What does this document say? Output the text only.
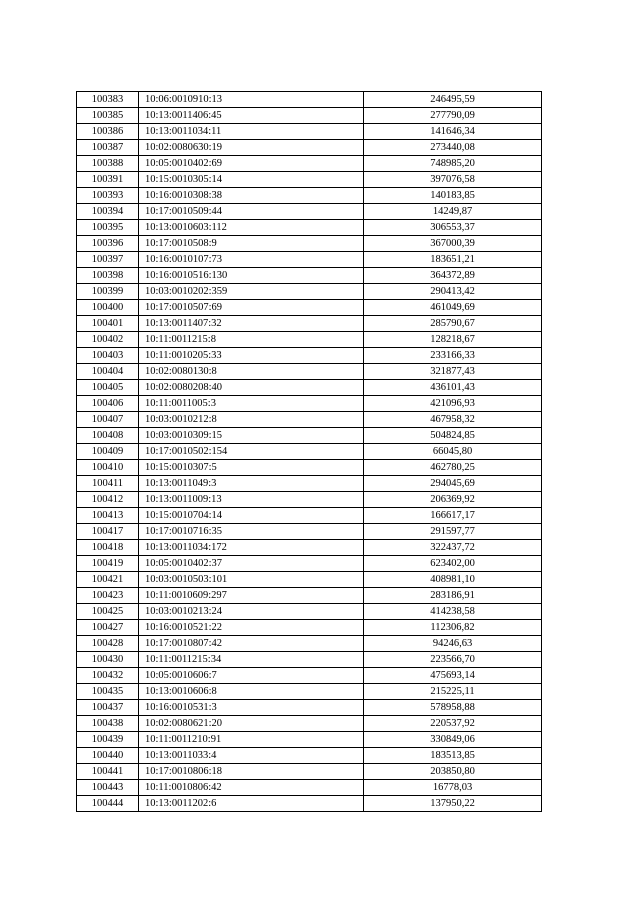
100383	10:06:0010910:13	246495,59
100385	10:13:0011406:45	277790,09
100386	10:13:0011034:11	141646,34
100387	10:02:0080630:19	273440,08
100388	10:05:0010402:69	748985,20
100391	10:15:0010305:14	397076,58
100393	10:16:0010308:38	140183,85
100394	10:17:0010509:44	14249,87
100395	10:13:0010603:112	306553,37
100396	10:17:0010508:9	367000,39
100397	10:16:0010107:73	183651,21
100398	10:16:0010516:130	364372,89
100399	10:03:0010202:359	290413,42
100400	10:17:0010507:69	461049,69
100401	10:13:0011407:32	285790,67
100402	10:11:0011215:8	128218,67
100403	10:11:0010205:33	233166,33
100404	10:02:0080130:8	321877,43
100405	10:02:0080208:40	436101,43
100406	10:11:0011005:3	421096,93
100407	10:03:0010212:8	467958,32
100408	10:03:0010309:15	504824,85
100409	10:17:0010502:154	66045,80
100410	10:15:0010307:5	462780,25
100411	10:13:0011049:3	294045,69
100412	10:13:0011009:13	206369,92
100413	10:15:0010704:14	166617,17
100417	10:17:0010716:35	291597,77
100418	10:13:0011034:172	322437,72
100419	10:05:0010402:37	623402,00
100421	10:03:0010503:101	408981,10
100423	10:11:0010609:297	283186,91
100425	10:03:0010213:24	414238,58
100427	10:16:0010521:22	112306,82
100428	10:17:0010807:42	94246,63
100430	10:11:0011215:34	223566,70
100432	10:05:0010606:7	475693,14
100435	10:13:0010606:8	215225,11
100437	10:16:0010531:3	578958,88
100438	10:02:0080621:20	220537,92
100439	10:11:0011210:91	330849,06
100440	10:13:0011033:4	183513,85
100441	10:17:0010806:18	203850,80
100443	10:11:0010806:42	16778,03
100444	10:13:0011202:6	137950,22
